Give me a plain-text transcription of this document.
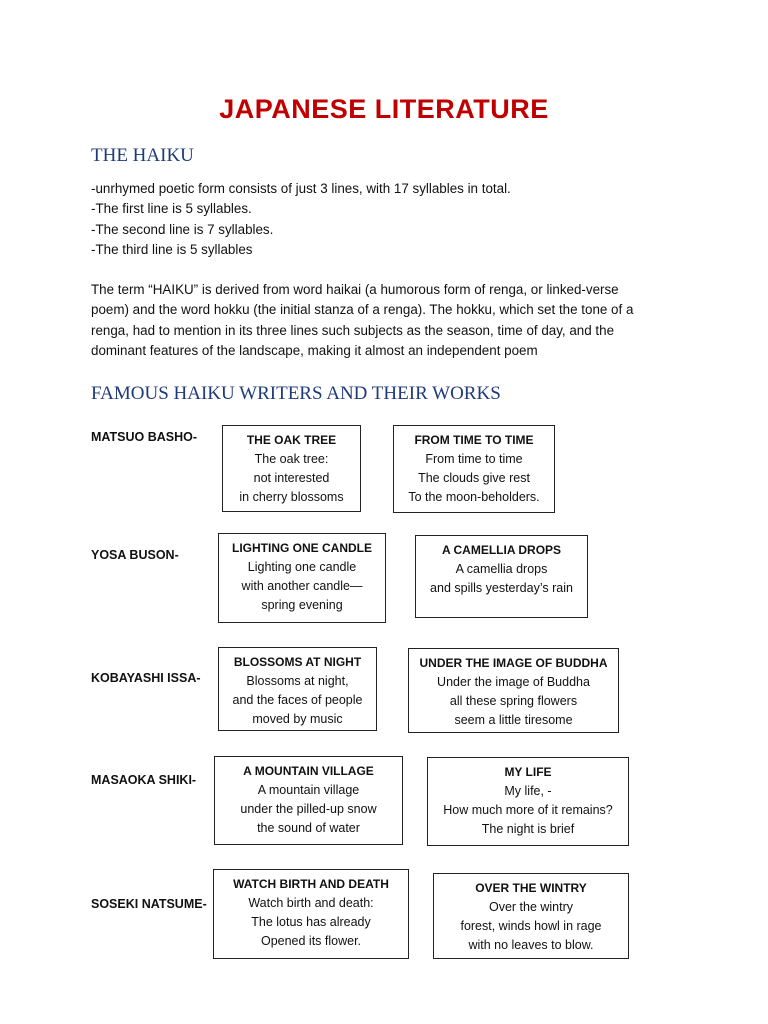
JAPANESE LITERATURE
THE HAIKU
-unrhymed poetic form consists of just 3 lines, with 17 syllables in total.
-The first line is 5 syllables.
-The second line is 7 syllables.
-The third line is 5 syllables
The term “HAIKU” is derived from word haikai (a humorous form of renga, or linked-verse
poem) and the word hokku (the initial stanza of a renga). The hokku, which set the tone of a
renga, had to mention in its three lines such subjects as the season, time of day, and the
dominant features of the landscape, making it almost an independent poem
FAMOUS HAIKU WRITERS AND THEIR WORKS
MATSUO BASHO-	THE OAK TREE
The oak tree:
not interested
in cherry blossoms
FROM TIME TO TIME
From time to time
The clouds give rest
To the moon-beholders.
YOSA BUSON-	LIGHTING ONE CANDLE
Lighting one candle
with another candle—
spring evening
A CAMELLIA DROPS
A camellia drops
and spills yesterday’s rain
KOBAYASHI ISSA-
BLOSSOMS AT NIGHT
Blossoms at night,
and the faces of people
moved by music
UNDER THE IMAGE OF BUDDHA
Under the image of Buddha
all these spring flowers
seem a little tiresome
MASAOKA SHIKI-
A MOUNTAIN VILLAGE
A mountain village
under the pilled-up snow
the sound of water
MY LIFE
My life, -
How much more of it remains?
The night is brief
SOSEKI NATSUME-
WATCH BIRTH AND DEATH
Watch birth and death:
The lotus has already
Opened its flower.
OVER THE WINTRY
Over the wintry
forest, winds howl in rage
with no leaves to blow.
